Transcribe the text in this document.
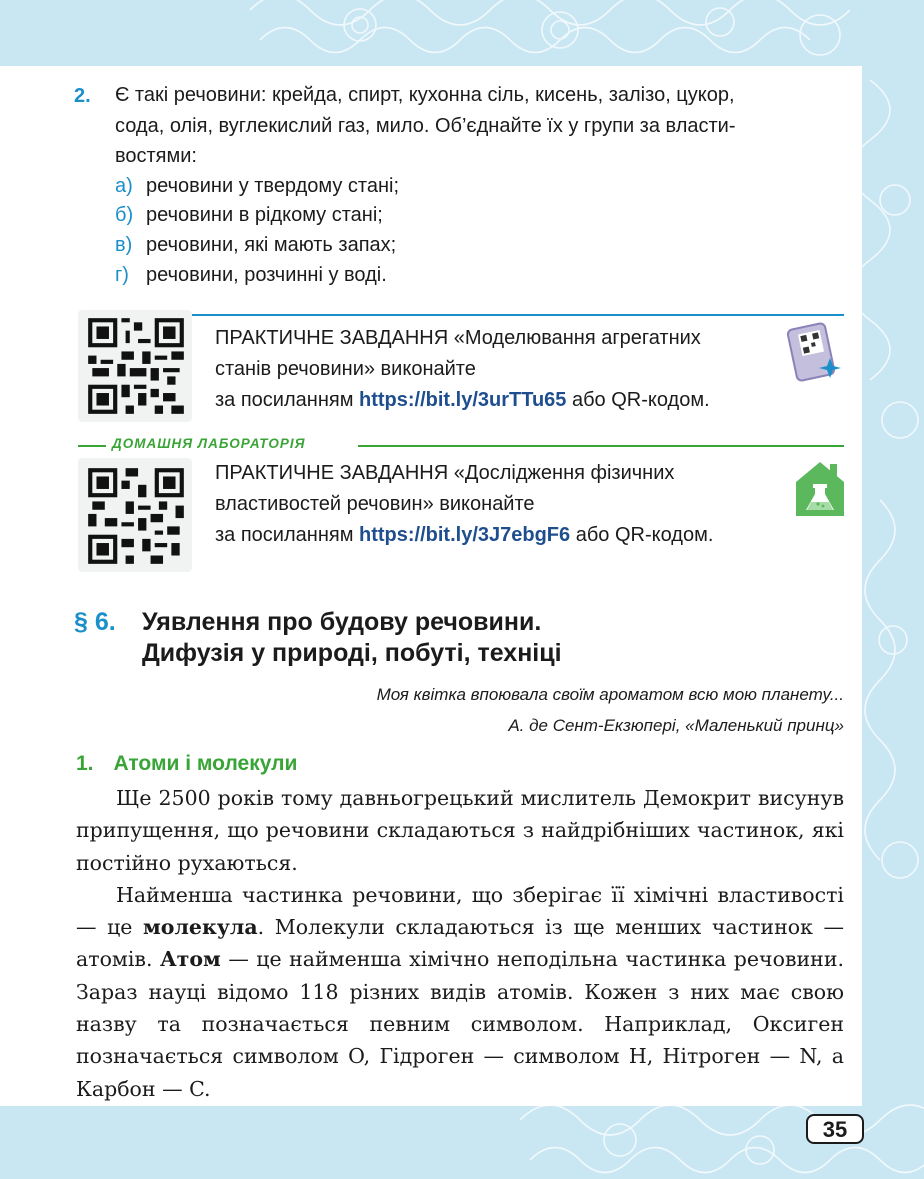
2. Є такі речовини: крейда, спирт, кухонна сіль, кисень, залізо, цукор,
сода, олія, вуглекислий газ, мило. Об’єднайте їх у групи за власти-
востями:
а) речовини у твердому стані;
б) речовини в рідкому стані;
в) речовини, які мають запах;
г) речовини, розчинні у воді.
ПРАКТИЧНЕ ЗАВДАННЯ «Моделювання агрегатних
станів речовини» виконайте
за посиланням https://bit.ly/3urTTu65 або QR-кодом.
ДОМАШНЯ ЛАБОРАТОРІЯ
ПРАКТИЧНЕ ЗАВДАННЯ «Дослідження фізичних
властивостей речовин» виконайте
за посиланням https://bit.ly/3J7ebgF6 або QR-кодом.
§ 6. Уявлення про будову речовини.
Дифузія у природі, побуті, техніці
Моя квітка впоювала своїм ароматом всю мою планету...
А. де Сент-Екзюпері, «Маленький принц»
1. Атоми і молекули

Ще 2500 років тому давньогрецький мислитель Демокрит висунув припущення, що речовини складаються з найдрібніших частинок, які постійно рухаються.

Найменша частинка речовини, що зберігає її хімічні властивості — це молекула. Молекули складаються із ще менших частинок — атомів. Атом — це найменша хімічно неподільна частинка речовини. Зараз науці відомо 118 різних видів атомів. Кожен з них має свою назву та позначається певним символом. Наприклад, Оксиген позначається символом O, Гідроген — символом H, Нітроген — N, а Карбон — C.

35
